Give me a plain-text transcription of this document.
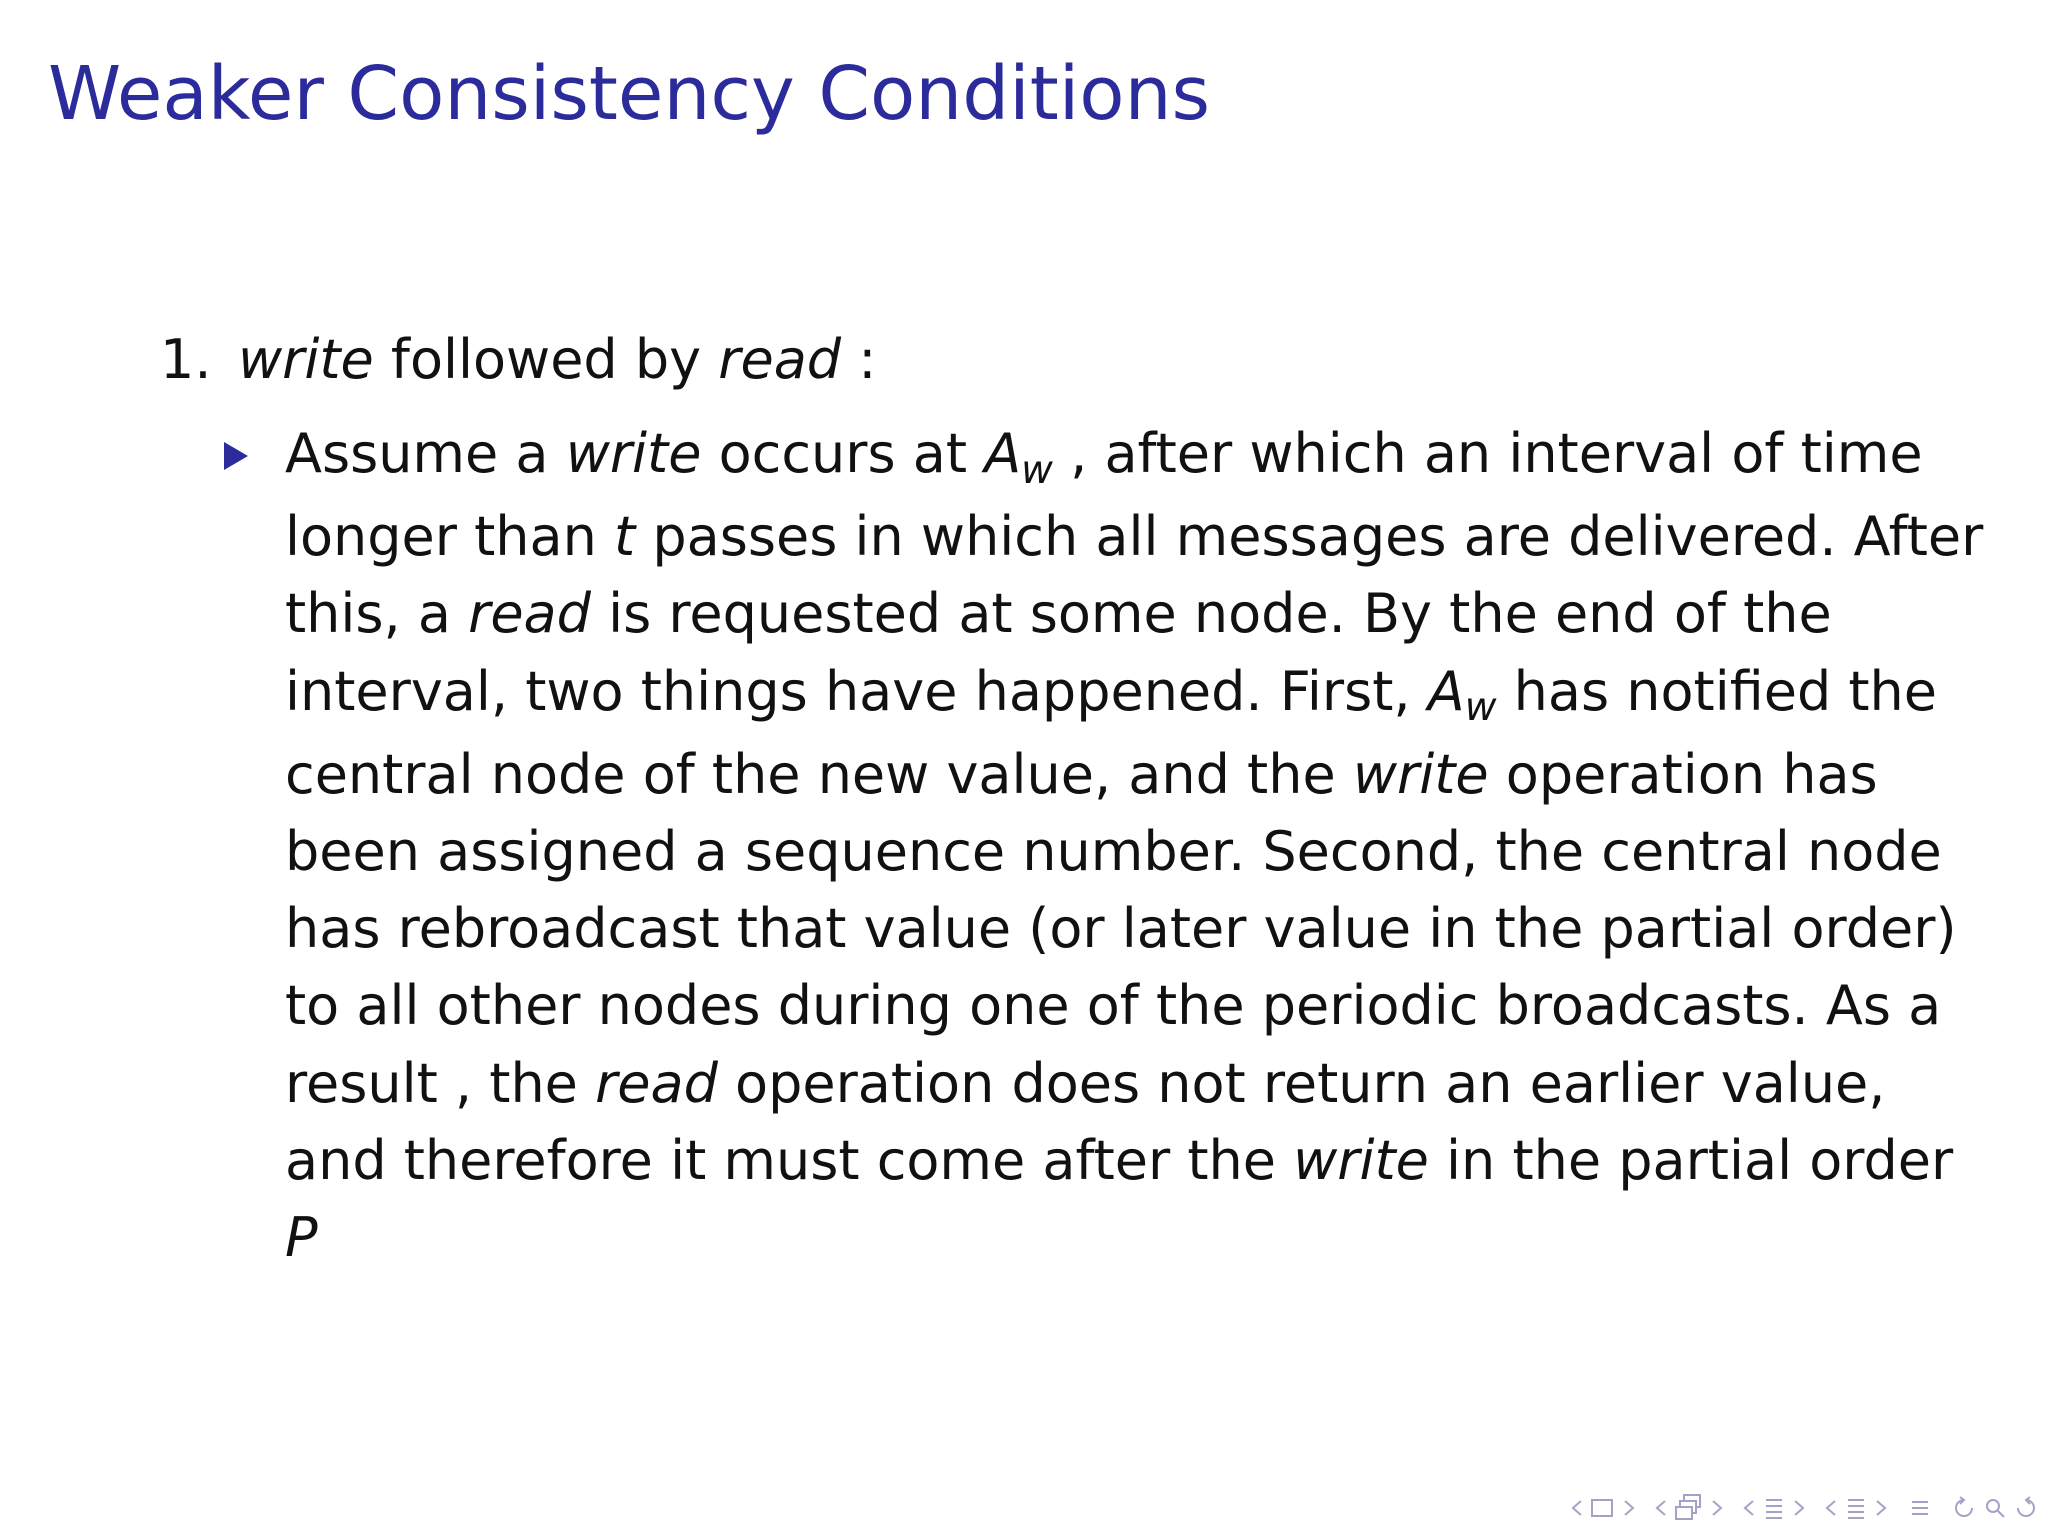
Weaker Consistency Conditions
1. write followed by read :
Assume a write occurs at $A_w$ , after which an interval of time
longer than t passes in which all messages are delivered. After
this, a read is requested at some node. By the end of the
interval, two things have happened. First, $A_w$ has notified the
central node of the new value, and the write operation has
been assigned a sequence number. Second, the central node
has rebroadcast that value (or later value in the partial order)
to all other nodes during one of the periodic broadcasts. As a
result , the read operation does not return an earlier value,
and therefore it must come after the write in the partial order
P
